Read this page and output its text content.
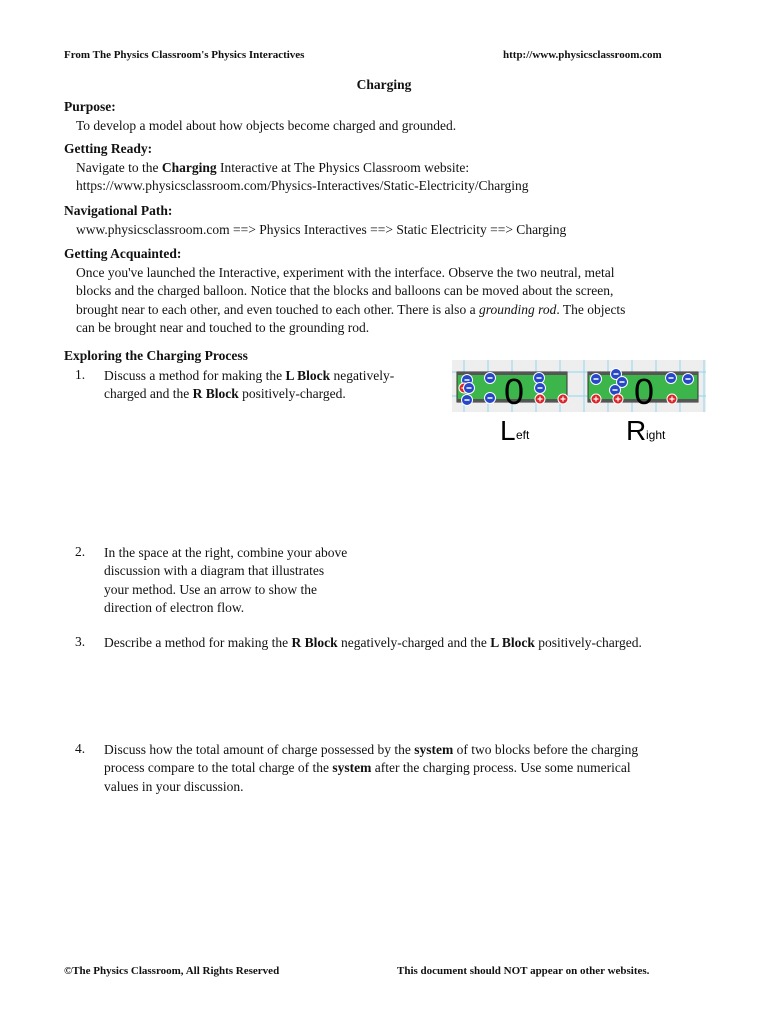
From The Physics Classroom's Physics Interactives	http://www.physicsclassroom.com
Charging
Purpose:
To develop a model about how objects become charged and grounded.
Getting Ready:
Navigate to the Charging Interactive at The Physics Classroom website:
https://www.physicsclassroom.com/Physics-Interactives/Static-Electricity/Charging
Navigational Path:
www.physicsclassroom.com ==> Physics Interactives ==> Static Electricity ==> Charging
Getting Acquainted:
Once you've launched the Interactive, experiment with the interface. Observe the two neutral, metal
blocks and the charged balloon. Notice that the blocks and balloons can be moved about the screen,
brought near to each other, and even touched to each other. There is also a grounding rod. The objects
can be brought near and touched to the grounding rod.
Exploring the Charging Process
1. Discuss a method for making the L Block negatively-
charged and the R Block positively-charged.	0	0
L eft	R ight
2. In the space at the right, combine your above
discussion with a diagram that illustrates
your method. Use an arrow to show the
direction of electron flow.
3. Describe a method for making the R Block negatively-charged and the L Block positively-charged.
4. Discuss how the total amount of charge possessed by the system of two blocks before the charging
process compare to the total charge of the system after the charging process. Use some numerical
values in your discussion.
©The Physics Classroom, All Rights Reserved	This document should NOT appear on other websites.
